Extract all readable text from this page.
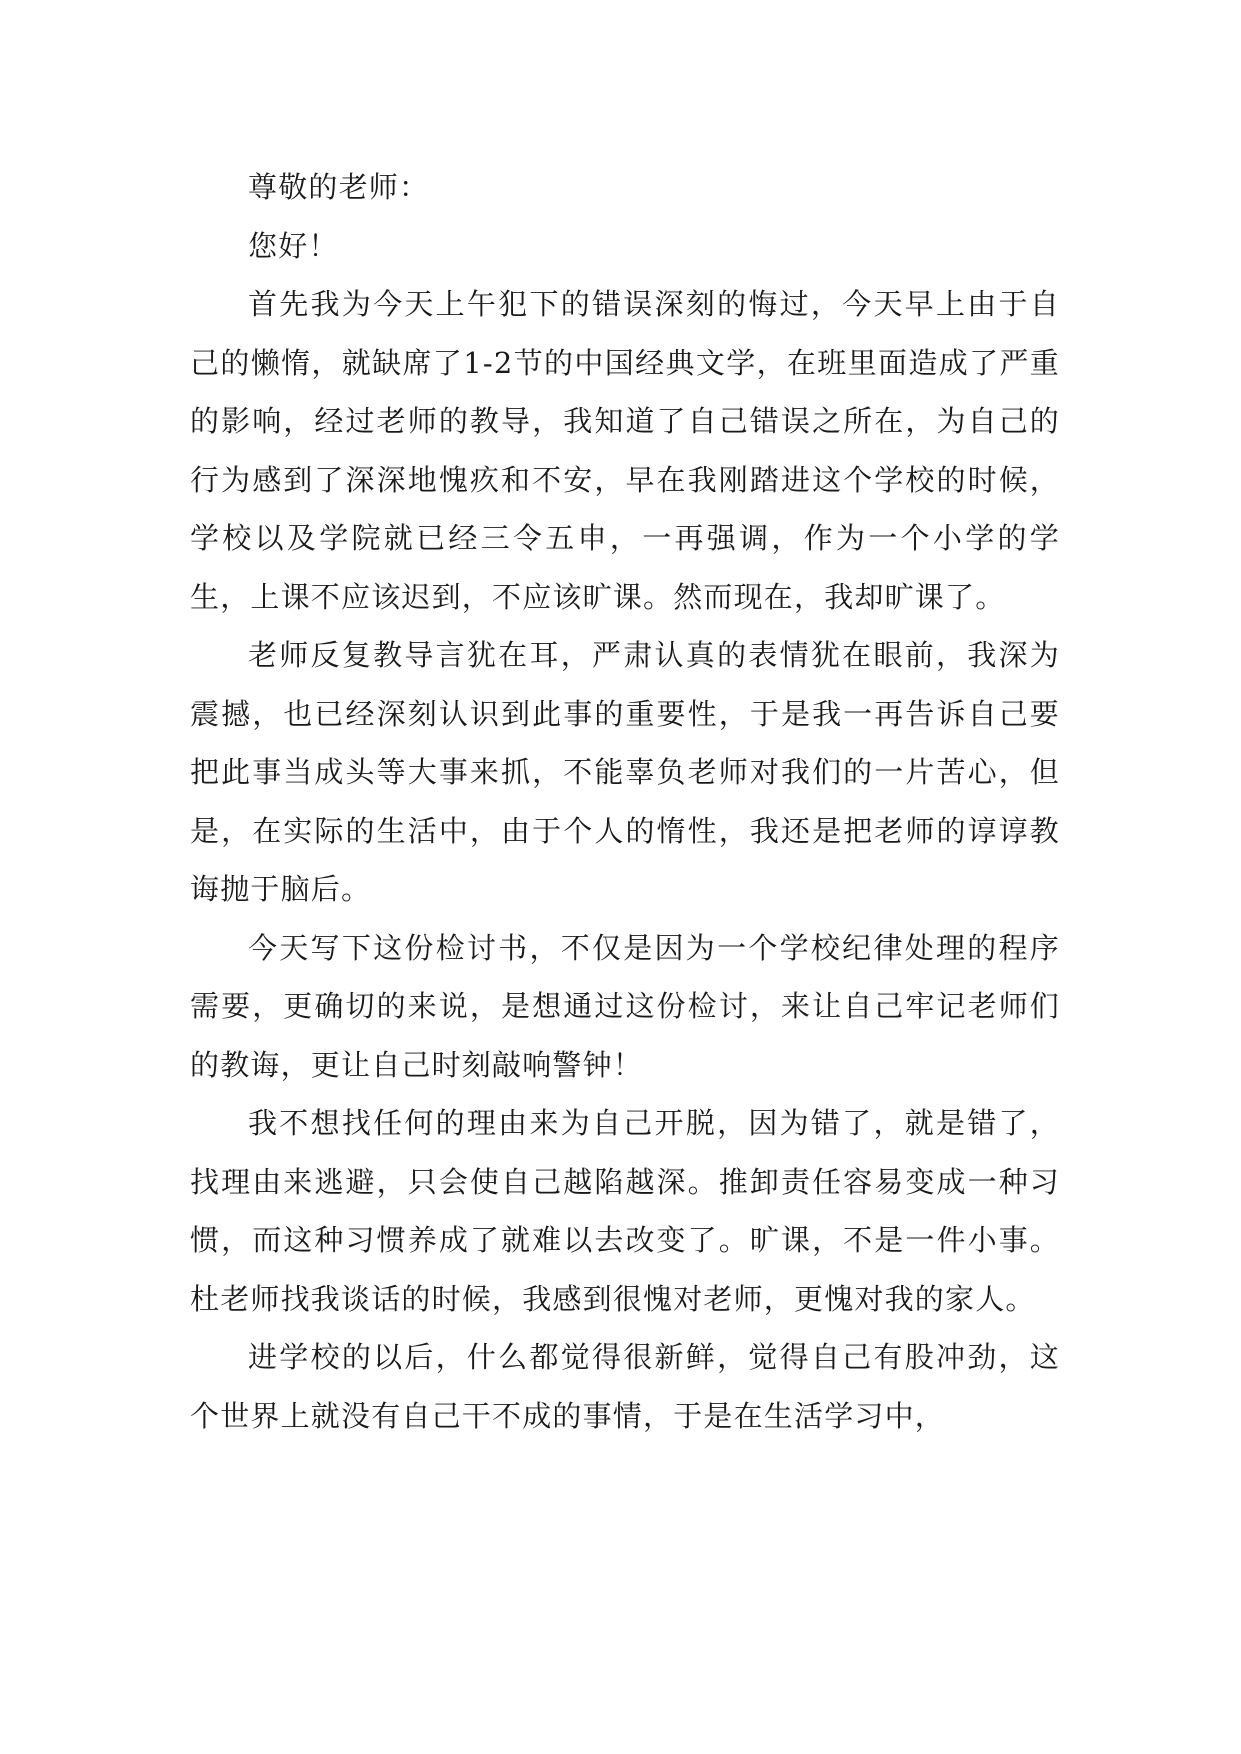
尊敬的老师：

您好！

首先我为今天上午犯下的错误深刻的悔过，今天早上由于自己的懒惰，就缺席了1-2节的中国经典文学，在班里面造成了严重的影响，经过老师的教导，我知道了自己错误之所在，为自己的行为感到了深深地愧疚和不安，早在我刚踏进这个学校的时候，学校以及学院就已经三令五申，一再强调，作为一个小学的学生，上课不应该迟到，不应该旷课。然而现在，我却旷课了。

老师反复教导言犹在耳，严肃认真的表情犹在眼前，我深为震撼，也已经深刻认识到此事的重要性，于是我一再告诉自己要把此事当成头等大事来抓，不能辜负老师对我们的一片苦心，但是，在实际的生活中，由于个人的惰性，我还是把老师的谆谆教诲抛于脑后。

今天写下这份检讨书，不仅是因为一个学校纪律处理的程序需要，更确切的来说，是想通过这份检讨，来让自己牢记老师们的教诲，更让自己时刻敲响警钟！

我不想找任何的理由来为自己开脱，因为错了，就是错了，找理由来逃避，只会使自己越陷越深。推卸责任容易变成一种习惯，而这种习惯养成了就难以去改变了。旷课，不是一件小事。杜老师找我谈话的时候，我感到很愧对老师，更愧对我的家人。

进学校的以后，什么都觉得很新鲜，觉得自己有股冲劲，这个世界上就没有自己干不成的事情，于是在生活学习中，
